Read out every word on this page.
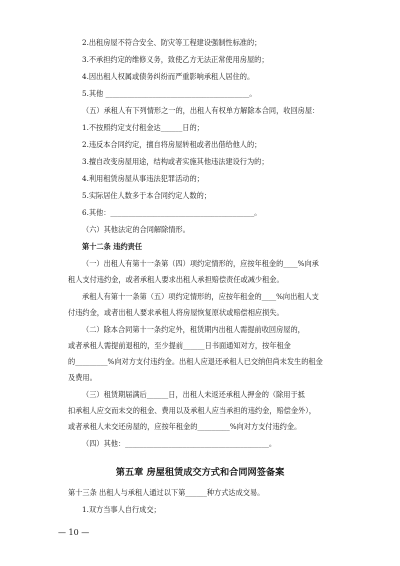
2.出租房屋不符合安全、防灾等工程建设强制性标准的；
3.不承担约定的维修义务，致使乙方无法正常使用房屋的；
4.因出租人权属或债务纠纷而严重影响承租人居住的。
5.其他 ________________________________________。
（五）承租人有下列情形之一的，出租人有权单方解除本合同，收回房屋：
1.不按照约定支付租金达______日的；
2.违反本合同约定，擅自将房屋转租或者出借给他人的；
3.擅自改变房屋用途，结构或者实施其他违法建设行为的；
4.利用租赁房屋从事违法犯罪活动的；
5.实际居住人数多于本合同约定人数的；
6.其他：________________________________________。
（六）其他法定的合同解除情形。
第十二条 违约责任
（一）出租人有第十一条第（四）项约定情形的，应按年租金的____%向承
租人支付违约金，或者承租人要求出租人承担赔偿责任或减少租金。
承租人有第十一条第（五）项约定情形的，应按年租金的____%向出租人支
付违约金，或者出租人要求承租人将房屋恢复原状或赔偿相应损失。
（二）除本合同第十一条约定外，租赁期内出租人需提前收回房屋的，
或者承租人需提前退租的，至少提前______日书面通知对方，按年租金
的_________%向对方支付违约金。出租人应退还承租人已交纳但尚未发生的租金
及费用。
（三）租赁期届满后______日，出租人未返还承租人押金的（除用于抵
扣承租人应交而未交的租金、费用以及承租人应当承担的违约金，赔偿金外），
或者承租人未交还房屋的，应按年租金的_________%向对方支付违约金。
（四）其他：________________________________________。
第五章 房屋租赁成交方式和合同网签备案
第十三条 出租人与承租人通过以下第______种方式达成交易。
1.双方当事人自行成交；
— 10 —
